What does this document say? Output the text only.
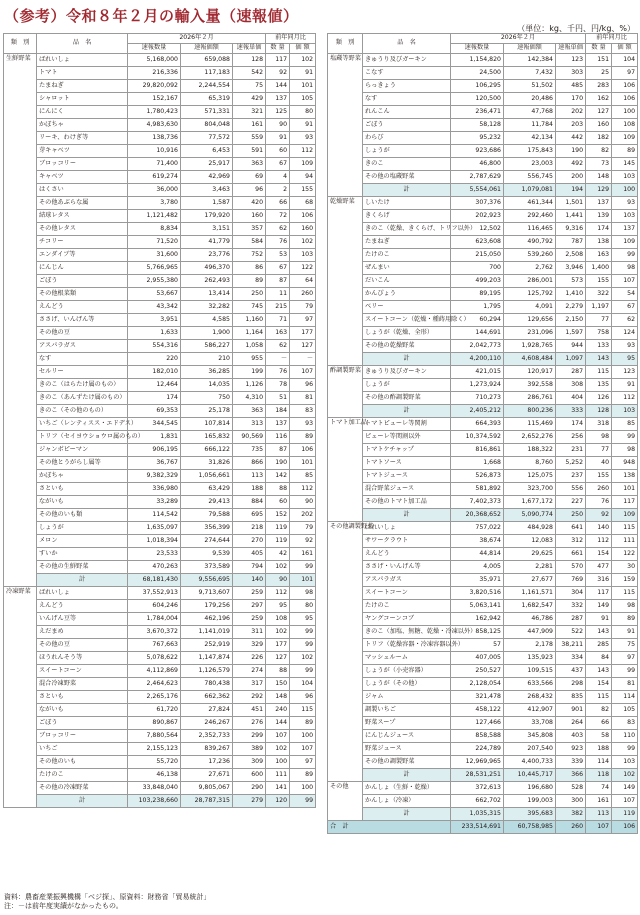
（参考）令和８年２月の輸入量（速報値）
（単位：kg、千円、円/kg、%）
類　別	品　名	2026年２月			前年同月比	
		速報数量	速報価額	速報単価	数 量	価 額
生鮮野菜	ばれいしょ	5,168,000	659,088	128	117	102
	トマト	216,336	117,183	542	92	91
	たまねぎ	29,820,092	2,244,554	75	144	101
	シャロット	152,167	65,319	429	137	105
	にんにく	1,780,423	571,331	321	125	80
	かぼちゃ	4,983,630	804,048	161	90	91
	リーキ、わけぎ等	138,736	77,572	559	91	93
	芽キャベツ	10,916	6,453	591	60	112
	ブロッコリー	71,400	25,917	363	67	109
	キャベツ	619,274	42,969	69	4	94
	はくさい	36,000	3,463	96	2	155
	その他あぶらな属	3,780	1,587	420	66	68
	結球レタス	1,121,482	179,920	160	72	106
	その他レタス	8,834	3,151	357	62	160
	チコリー	71,520	41,779	584	76	102
	エンダイブ等	31,600	23,776	752	53	103
	にんじん	5,766,965	496,370	86	67	122
	ごぼう	2,955,380	262,493	89	87	64
	その他根菜類	53,667	13,414	250	11	260
	えんどう	43,342	32,282	745	215	79
	ささげ、いんげん等	3,951	4,585	1,160	71	97
	その他の豆	1,633	1,900	1,164	163	177
	アスパラガス	554,316	586,227	1,058	62	127
	なす	220	210	955	－	－
	セルリー	182,010	36,285	199	76	107
	きのこ（はらたけ属のもの）	12,464	14,035	1,126	78	96
	きのこ（あんずたけ属のもの）	174	750	4,310	51	81
	きのこ（その他のもの）	69,353	25,178	363	184	83
	いちご（レンティスス・エドデス）	344,545	107,814	313	137	93
	トリフ（セイヨウショウロ属のもの）	1,831	165,832	90,569	116	89
	ジャンボピーマン	906,195	666,122	735	87	106
	その他とうがらし属等	36,767	31,826	866	190	101
	かぼちゃ	9,382,329	1,056,661	113	142	85
	さといも	336,980	63,429	188	88	112
	ながいも	33,289	29,413	884	60	90
	その他のいも類	114,542	79,588	695	152	202
	しょうが	1,635,097	356,399	218	119	79
	メロン	1,018,394	274,644	270	119	92
	すいか	23,533	9,539	405	42	161
	その他の生鮮野菜	470,263	373,589	794	102	99
	計	68,181,430	9,556,695	140	90	101
冷凍野菜	ばれいしょ	37,552,913	9,713,607	259	112	98
	えんどう	604,246	179,256	297	95	80
	いんげん豆等	1,784,004	462,196	259	108	95
	えだまめ	3,670,372	1,141,019	311	102	99
	その他の豆	767,663	252,919	329	177	99
	ほうれんそう等	5,078,622	1,147,874	226	127	102
	スイートコーン	4,112,869	1,126,579	274	88	99
	混合冷凍野菜	2,464,623	780,438	317	150	104
	さといも	2,265,176	662,362	292	148	96
	ながいも	61,720	27,824	451	240	115
	ごぼう	890,867	246,267	276	144	89
	ブロッコリー	7,880,564	2,352,733	299	107	100
	いちご	2,155,123	839,267	389	102	107
	その他のいも	55,720	17,236	309	100	97
	たけのこ	46,138	27,671	600	111	89
	その他の冷凍野菜	33,848,040	9,805,067	290	141	100
	計	103,238,660	28,787,315	279	120	99
類　別	品　名	2026年２月			前年同月比	
		速報数量	速報価額	速報単価	数 量	価 額
塩蔵等野菜	きゅうり及びガーキン	1,154,820	142,384	123	151	104
	こなす	24,500	7,432	303	25	97
	らっきょう	106,295	51,502	485	283	106
	なす	120,500	20,486	170	162	106
	れんこん	236,471	47,768	202	127	100
	ごぼう	58,128	11,784	203	160	108
	わらび	95,232	42,134	442	182	109
	しょうが	923,686	175,843	190	82	89
	きのこ	46,800	23,003	492	73	145
	その他の塩蔵野菜	2,787,629	556,745	200	148	103
	計	5,554,061	1,079,081	194	129	100
乾燥野菜	しいたけ	307,376	461,344	1,501	137	93
	きくらげ	202,923	292,460	1,441	139	103
	きのこ（乾燥、きくらげ、トリフ以外）	12,502	116,465	9,316	174	137
	たまねぎ	623,608	490,792	787	138	109
	たけのこ	215,050	539,260	2,508	163	99
	ぜんまい	700	2,762	3,946	1,400	98
	だいこん	499,203	286,001	573	155	107
	かんぴょう	89,195	125,792	1,410	322	54
	ベリー	1,795	4,091	2,279	1,197	67
	スイートコーン（乾燥・種蒔用除く）	60,294	129,656	2,150	77	62
	しょうが（乾燥、全形）	144,691	231,096	1,597	758	124
	その他の乾燥野菜	2,042,773	1,928,765	944	133	93
	計	4,200,110	4,608,484	1,097	143	95
酢調製野菜	きゅうり及びガーキン	421,015	120,917	287	115	123
	しょうが	1,273,924	392,558	308	135	91
	その他の酢調製野菜	710,273	286,761	404	126	112
	計	2,405,212	800,236	333	128	103
トマト加工品	トマトピューレ等関割	664,393	115,469	174	318	85
	ピューレ等関割以外	10,374,592	2,652,276	256	98	99
	トマトケチャップ	816,861	188,322	231	77	98
	トマトソース	1,668	8,760	5,252	40	948
	トマトジュース	526,873	125,075	237	155	138
	混合野菜ジュース	581,892	323,700	556	260	101
	その他のトマト加工品	7,402,373	1,677,172	227	76	117
	計	20,368,652	5,090,774	250	92	109
その他調製野菜	ばれいしょ	757,022	484,928	641	140	115
	サワークラウト	38,674	12,083	312	112	111
	えんどう	44,814	29,625	661	154	122
	ささげ・いんげん等	4,005	2,281	570	477	30
	アスパラガス	35,971	27,677	769	316	159
	スイートコーン	3,820,516	1,161,571	304	117	115
	たけのこ	5,063,141	1,682,547	332	149	98
	ヤングコーンコブ	162,942	46,786	287	91	89
	きのこ（加塩、無糖、乾燥・冷凍以外）	858,125	447,909	522	143	91
	トリフ（乾燥容器・冷凍容器以外）	57	2,178	38,211	285	75
	マッシュルーム	407,005	135,923	334	84	97
	しょうが（小売容器）	250,527	109,515	437	143	99
	しょうが（その他）	2,128,054	633,566	298	154	81
	ジャム	321,478	268,432	835	115	114
	調製いちご	458,122	412,907	901	82	105
	野菜スープ	127,466	33,708	264	66	83
	にんじんジュース	858,588	345,808	403	58	110
	野菜ジュース	224,789	207,540	923	188	99
	その他の調製野菜	12,969,965	4,400,733	339	114	103
	計	28,531,251	10,445,717	366	118	102
その他	かんしょ（生鮮・乾燥）	372,613	196,680	528	74	149
	かんしょ（冷凍）	662,702	199,003	300	161	107
	計	1,035,315	395,683	382	113	119
合　計		233,514,691	60,758,985	260	107	106
資料：農畜産業振興機構「ベジ探」、原資料：財務省「貿易統計」
注：－は前年度実績がなかったもの。
